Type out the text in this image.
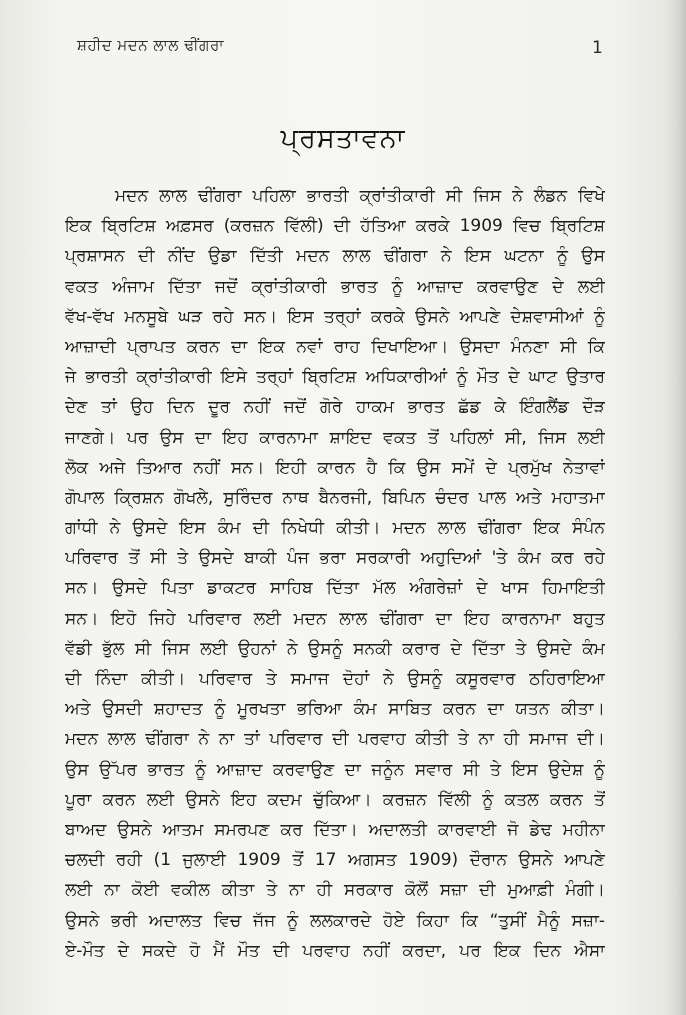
ਸ਼ਹੀਦ ਮਦਨ ਲਾਲ ਢੀਂਗਰਾ	1
ਪ੍ਰਸਤਾਵਨਾ
ਮਦਨ ਲਾਲ ਢੀਂਗਰਾ ਪਹਿਲਾ ਭਾਰਤੀ ਕ੍ਰਾਂਤੀਕਾਰੀ ਸੀ ਜਿਸ ਨੇ ਲੰਡਨ ਵਿਖੇ
ਇਕ ਬ੍ਰਿਟਿਸ਼ ਅਫ਼ਸਰ (ਕਰਜ਼ਨ ਵਿੱਲੀ) ਦੀ ਹੱਤਿਆ ਕਰਕੇ 1909 ਵਿਚ ਬ੍ਰਿਟਿਸ਼
ਪ੍ਰਸ਼ਾਸਨ ਦੀ ਨੀਂਦ ਉਡਾ ਦਿੱਤੀ ਮਦਨ ਲਾਲ ਢੀਂਗਰਾ ਨੇ ਇਸ ਘਟਨਾ ਨੂੰ ਉਸ
ਵਕਤ ਅੰਜਾਮ ਦਿੱਤਾ ਜਦੋਂ ਕ੍ਰਾਂਤੀਕਾਰੀ ਭਾਰਤ ਨੂੰ ਆਜ਼ਾਦ ਕਰਵਾਉਣ ਦੇ ਲਈ
ਵੱਖ-ਵੱਖ ਮਨਸੂਬੇ ਘੜ ਰਹੇ ਸਨ। ਇਸ ਤਰ੍ਹਾਂ ਕਰਕੇ ਉਸਨੇ ਆਪਣੇ ਦੇਸ਼ਵਾਸੀਆਂ ਨੂੰ
ਆਜ਼ਾਦੀ ਪ੍ਰਾਪਤ ਕਰਨ ਦਾ ਇਕ ਨਵਾਂ ਰਾਹ ਦਿਖਾਇਆ। ਉਸਦਾ ਮੰਨਣਾ ਸੀ ਕਿ
ਜੇ ਭਾਰਤੀ ਕ੍ਰਾਂਤੀਕਾਰੀ ਇਸੇ ਤਰ੍ਹਾਂ ਬ੍ਰਿਟਿਸ਼ ਅਧਿਕਾਰੀਆਂ ਨੂੰ ਮੌਤ ਦੇ ਘਾਟ ਉਤਾਰ
ਦੇਣ ਤਾਂ ਉਹ ਦਿਨ ਦੂਰ ਨਹੀਂ ਜਦੋਂ ਗੋਰੇ ਹਾਕਮ ਭਾਰਤ ਛੱਡ ਕੇ ਇੰਗਲੈਂਡ ਦੌੜ
ਜਾਣਗੇ। ਪਰ ਉਸ ਦਾ ਇਹ ਕਾਰਨਾਮਾ ਸ਼ਾਇਦ ਵਕਤ ਤੋਂ ਪਹਿਲਾਂ ਸੀ, ਜਿਸ ਲਈ
ਲੋਕ ਅਜੇ ਤਿਆਰ ਨਹੀਂ ਸਨ। ਇਹੀ ਕਾਰਨ ਹੈ ਕਿ ਉਸ ਸਮੇਂ ਦੇ ਪ੍ਰਮੁੱਖ ਨੇਤਾਵਾਂ
ਗੋਪਾਲ ਕ੍ਰਿਸ਼ਨ ਗੋਖਲੇ, ਸੁਰਿੰਦਰ ਨਾਥ ਬੈਨਰਜੀ, ਬਿਪਿਨ ਚੰਦਰ ਪਾਲ ਅਤੇ ਮਹਾਤਮਾ
ਗਾਂਧੀ ਨੇ ਉਸਦੇ ਇਸ ਕੰਮ ਦੀ ਨਿਖੇਧੀ ਕੀਤੀ। ਮਦਨ ਲਾਲ ਢੀਂਗਰਾ ਇਕ ਸੰਪੰਨ
ਪਰਿਵਾਰ ਤੋਂ ਸੀ ਤੇ ਉਸਦੇ ਬਾਕੀ ਪੰਜ ਭਰਾ ਸਰਕਾਰੀ ਅਹੁਦਿਆਂ 'ਤੇ ਕੰਮ ਕਰ ਰਹੇ
ਸਨ। ਉਸਦੇ ਪਿਤਾ ਡਾਕਟਰ ਸਾਹਿਬ ਦਿੱਤਾ ਮੱਲ ਅੰਗਰੇਜ਼ਾਂ ਦੇ ਖਾਸ ਹਿਮਾਇਤੀ
ਸਨ। ਇਹੋ ਜਿਹੇ ਪਰਿਵਾਰ ਲਈ ਮਦਨ ਲਾਲ ਢੀਂਗਰਾ ਦਾ ਇਹ ਕਾਰਨਾਮਾ ਬਹੁਤ
ਵੱਡੀ ਭੁੱਲ ਸੀ ਜਿਸ ਲਈ ਉਹਨਾਂ ਨੇ ਉਸਨੂੰ ਸਨਕੀ ਕਰਾਰ ਦੇ ਦਿੱਤਾ ਤੇ ਉਸਦੇ ਕੰਮ
ਦੀ ਨਿੰਦਾ ਕੀਤੀ। ਪਰਿਵਾਰ ਤੇ ਸਮਾਜ ਦੋਹਾਂ ਨੇ ਉਸਨੂੰ ਕਸੂਰਵਾਰ ਠਹਿਰਾਇਆ
ਅਤੇ ਉਸਦੀ ਸ਼ਹਾਦਤ ਨੂੰ ਮੂਰਖਤਾ ਭਰਿਆ ਕੰਮ ਸਾਬਿਤ ਕਰਨ ਦਾ ਯਤਨ ਕੀਤਾ।
ਮਦਨ ਲਾਲ ਢੀਂਗਰਾ ਨੇ ਨਾ ਤਾਂ ਪਰਿਵਾਰ ਦੀ ਪਰਵਾਹ ਕੀਤੀ ਤੇ ਨਾ ਹੀ ਸਮਾਜ ਦੀ।
ਉਸ ਉੱਪਰ ਭਾਰਤ ਨੂੰ ਆਜ਼ਾਦ ਕਰਵਾਉਣ ਦਾ ਜਨੂੰਨ ਸਵਾਰ ਸੀ ਤੇ ਇਸ ਉਦੇਸ਼ ਨੂੰ
ਪੂਰਾ ਕਰਨ ਲਈ ਉਸਨੇ ਇਹ ਕਦਮ ਚੁੱਕਿਆ। ਕਰਜ਼ਨ ਵਿੱਲੀ ਨੂੰ ਕਤਲ ਕਰਨ ਤੋਂ
ਬਾਅਦ ਉਸਨੇ ਆਤਮ ਸਮਰਪਣ ਕਰ ਦਿੱਤਾ। ਅਦਾਲਤੀ ਕਾਰਵਾਈ ਜੋ ਡੇਢ ਮਹੀਨਾ
ਚਲਦੀ ਰਹੀ (1 ਜੁਲਾਈ 1909 ਤੋਂ 17 ਅਗਸਤ 1909) ਦੌਰਾਨ ਉਸਨੇ ਆਪਣੇ
ਲਈ ਨਾ ਕੋਈ ਵਕੀਲ ਕੀਤਾ ਤੇ ਨਾ ਹੀ ਸਰਕਾਰ ਕੋਲੋਂ ਸਜ਼ਾ ਦੀ ਮੁਆਫ਼ੀ ਮੰਗੀ।
ਉਸਨੇ ਭਰੀ ਅਦਾਲਤ ਵਿਚ ਜੱਜ ਨੂੰ ਲਲਕਾਰਦੇ ਹੋਏ ਕਿਹਾ ਕਿ “ਤੁਸੀਂ ਮੈਨੂੰ ਸਜ਼ਾ-
ਏ-ਮੌਤ ਦੇ ਸਕਦੇ ਹੋ ਮੈਂ ਮੌਤ ਦੀ ਪਰਵਾਹ ਨਹੀਂ ਕਰਦਾ, ਪਰ ਇਕ ਦਿਨ ਐਸਾ
